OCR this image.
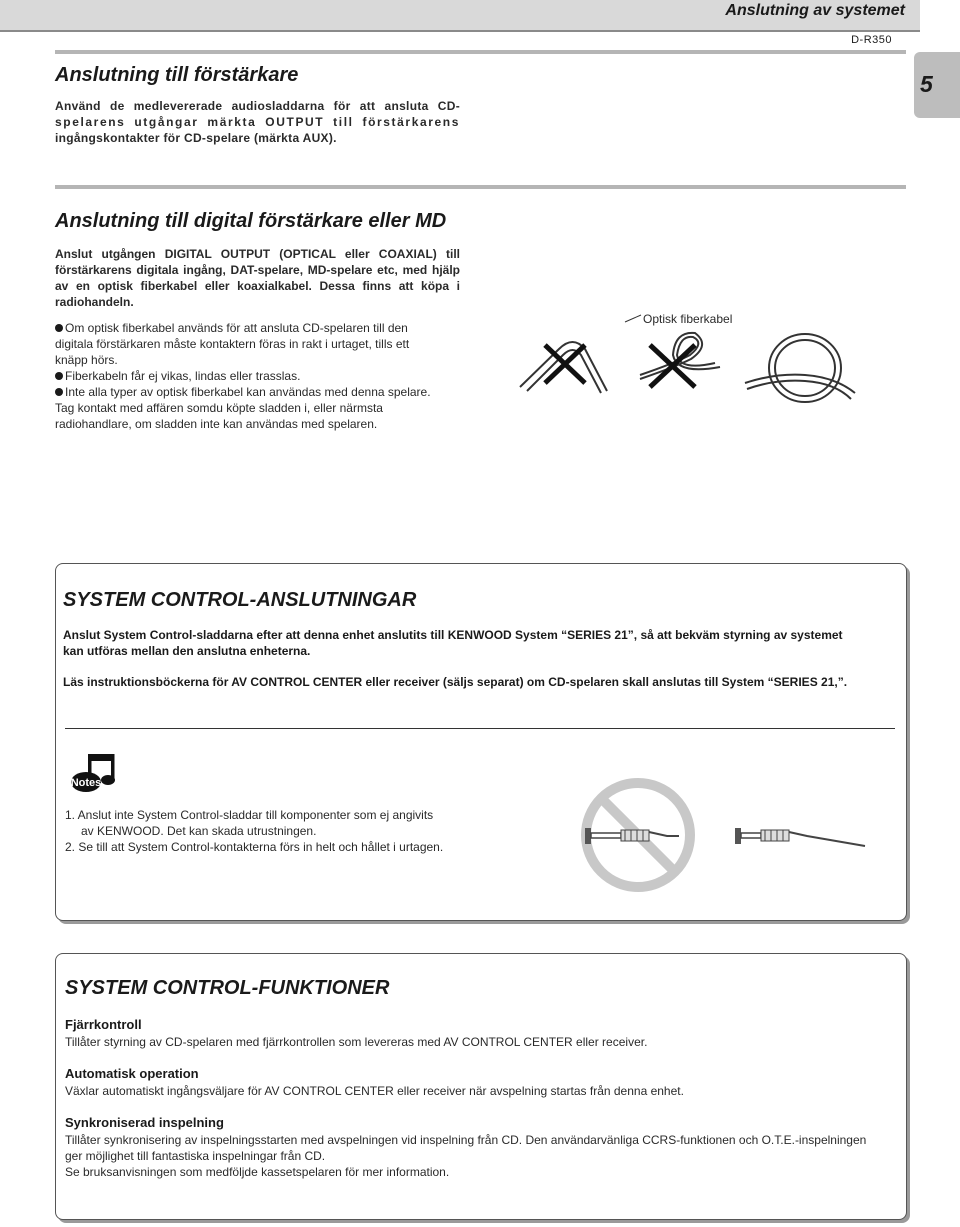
Anslutning av systemet
D-R350
5
Anslutning till förstärkare
Använd de medlevererade audiosladdarna för att ansluta CD-
spelarens utgångar märkta OUTPUT till förstärkarens
ingångskontakter för CD-spelare (märkta AUX).
Anslutning till digital förstärkare eller MD
Anslut utgången DIGITAL OUTPUT (OPTICAL eller COAXIAL) till
förstärkarens digitala ingång, DAT-spelare, MD-spelare etc, med hjälp
av en optisk fiberkabel eller koaxialkabel. Dessa finns att köpa i
radiohandeln.

Om optisk fiberkabel används för att ansluta CD-spelaren till den

digitala förstärkaren måste kontaktern föras in rakt i urtaget, tills ett

knäpp hörs.

Fiberkabeln får ej vikas, lindas eller trasslas.

Inte alla typer av optisk fiberkabel kan användas med denna spelare.

Tag kontakt med affären somdu köpte sladden i, eller närmsta

radiohandlare, om sladden inte kan användas med spelaren.

Optisk fiberkabel
SYSTEM CONTROL-ANSLUTNINGAR
Anslut System Control-sladdarna efter att denna enhet anslutits till KENWOOD System “SERIES 21”, så att bekväm styrning av systemet
kan utföras mellan den anslutna enheterna.
Läs instruktionsböckerna för AV CONTROL CENTER eller receiver (säljs separat) om CD-spelaren skall anslutas till System “SERIES 21,”.
Notes

1. Anslut inte System Control-sladdar till komponenter som ej angivits
av KENWOOD. Det kan skada utrustningen.

2. Se till att System Control-kontakterna förs in helt och hållet i urtagen.

SYSTEM CONTROL-FUNKTIONER

Fjärrkontroll

Tillåter styrning av CD-spelaren med fjärrkontrollen som levereras med AV CONTROL CENTER eller receiver.

Automatisk operation

Växlar automatiskt ingångsväljare för AV CONTROL CENTER eller receiver när avspelning startas från denna enhet.

Synkroniserad inspelning

Tillåter synkronisering av inspelningsstarten med avspelningen vid inspelning från CD. Den användarvänliga CCRS-funktionen och O.T.E.-inspelningen

ger möjlighet till fantastiska inspelningar från CD.

Se bruksanvisningen som medföljde kassetspelaren för mer information.
